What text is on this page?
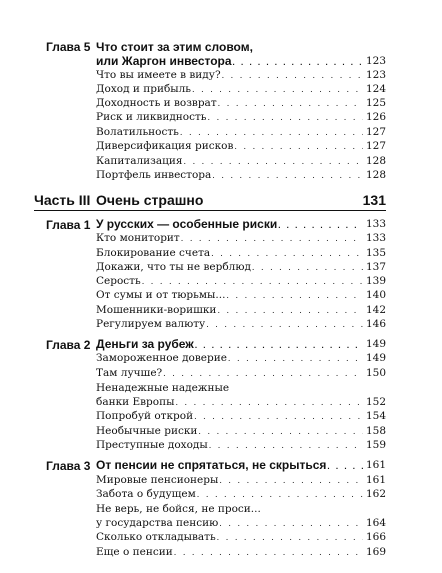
Глава 5 Что стоит за этим словом,
или Жаргон инвестора . . .	123
Что вы имеете в виду? . . .	123
Доход и прибыль . . .	124
Доходность и возврат . . .	125
Риск и ликвидность . . .	126
Волатильность . . .	127
Диверсификация рисков . . .	127
Капитализация . . .	128
Портфель инвестора . . .	128
Часть III Очень страшно	131
Глава 1 У русских — особенные риски . . .	133
Кто мониторит . . .	133
Блокирование счета . . .	135
Докажи, что ты не верблюд . . .	137
Серость . . .	139
От сумы и от тюрьмы... . . .	140
Мошенники-воришки . . .	142
Регулируем валюту . . .	146
Глава 2 Деньги за рубеж . . .	149
Замороженное доверие . . .	149
Там лучше? . . .	150
Ненадежные надежные
банки Европы . . .	152
Попробуй открой . . .	154
Необычные риски . . .	158
Преступные доходы . . .	159
Глава 3 От пенсии не спрятаться, не скрыться . . .	161
Мировые пенсионеры . . .	161
Забота о будущем . . .	162
Не верь, не бойся, не проси...
у государства пенсию . . .	164
Сколько откладывать . . .	166
Еще о пенсии . . .	169
